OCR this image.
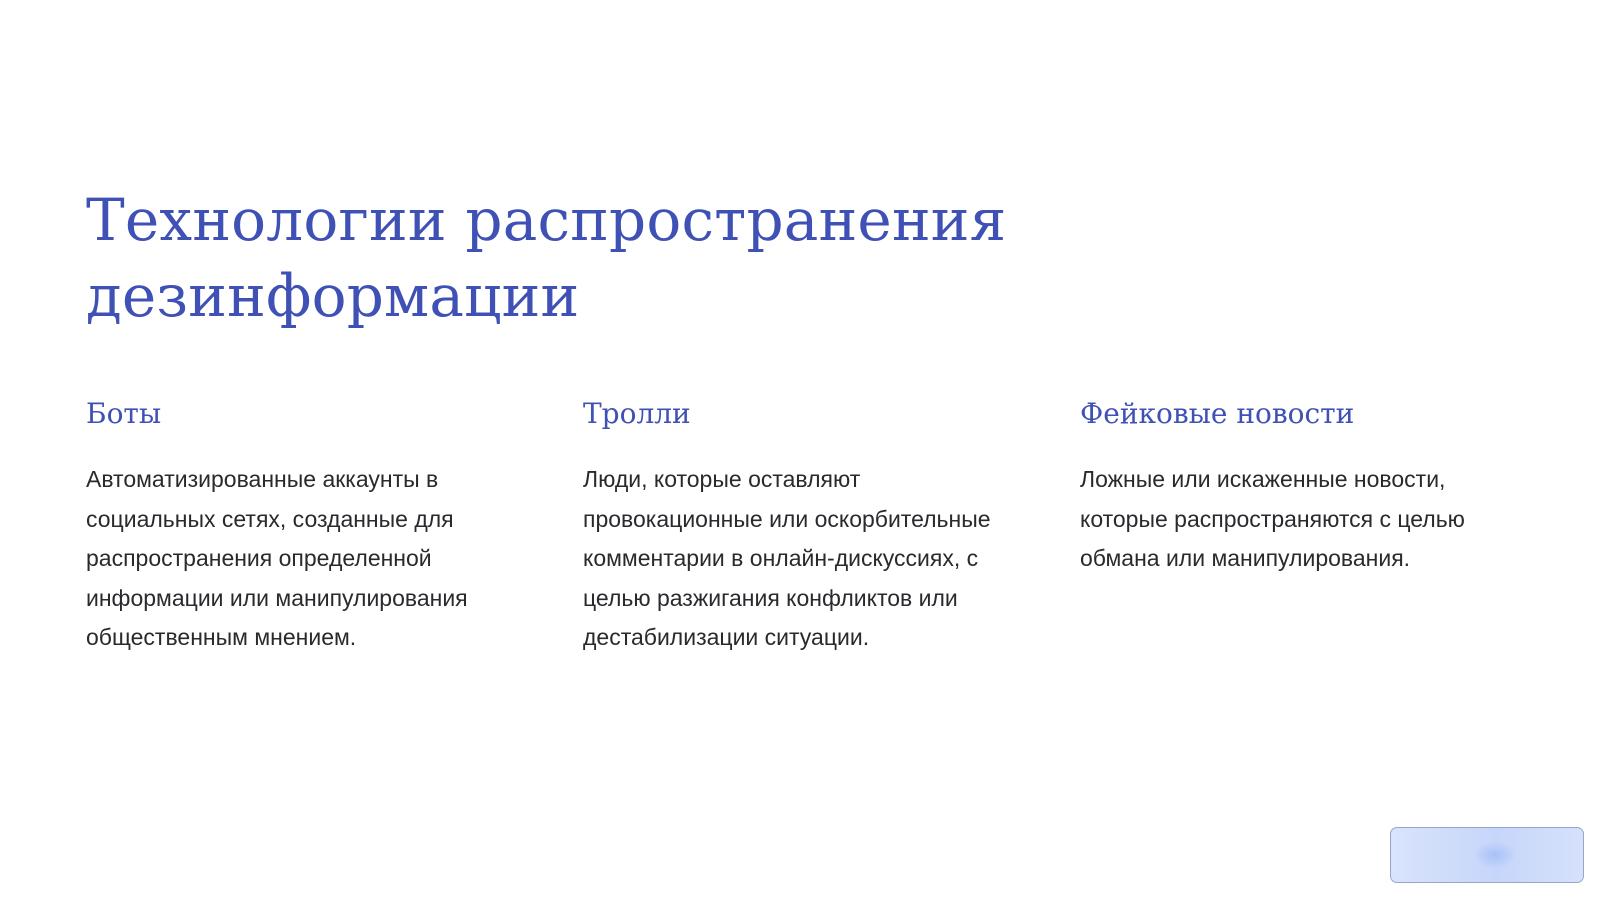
Технологии распространения
дезинформации
Боты

Автоматизированные аккаунты в социальных сетях, созданные для распространения определенной информации или манипулирования общественным мнением.

Тролли

Люди, которые оставляют провокационные или оскорбительные комментарии в онлайн-дискуссиях, с целью разжигания конфликтов или дестабилизации ситуации.

Фейковые новости

Ложные или искаженные новости, которые распространяются с целью обмана или манипулирования.
